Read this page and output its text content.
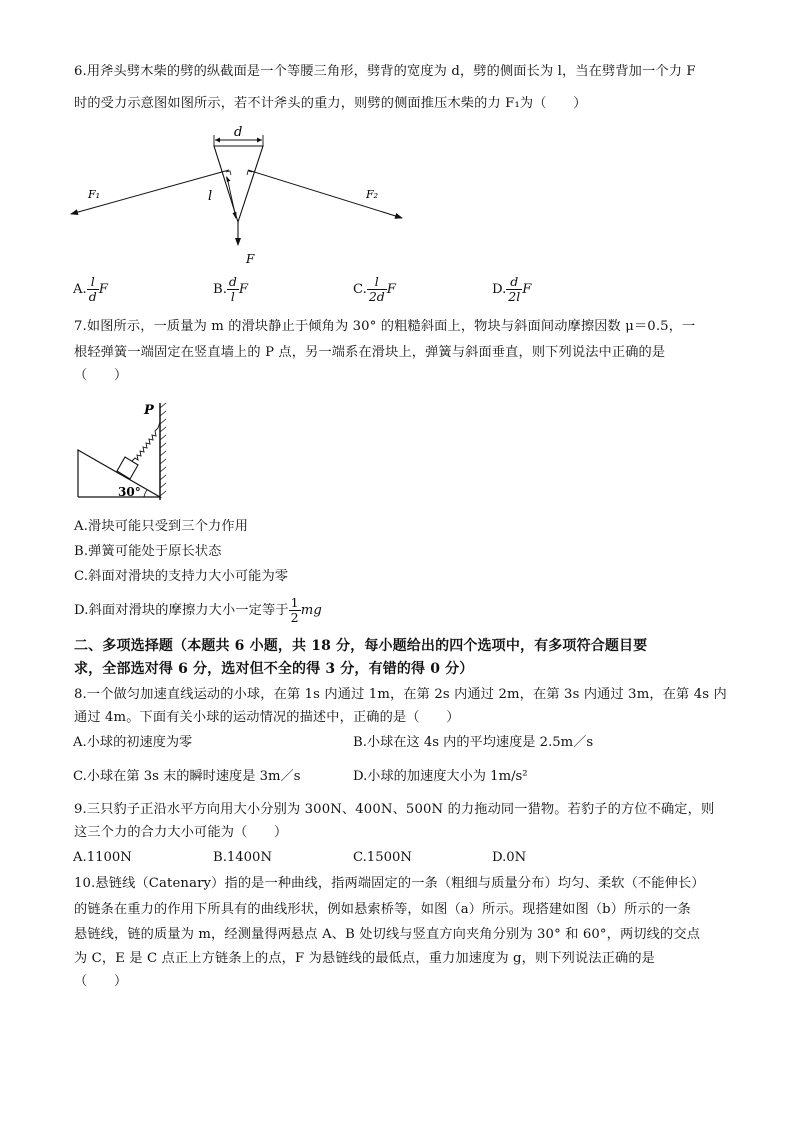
6.用斧头劈木柴的劈的纵截面是一个等腰三角形，劈背的宽度为 d，劈的侧面长为 l，当在劈背加一个力 F
时的受力示意图如图所示，若不计斧头的重力，则劈的侧面推压木柴的力 F₁为（　　）
d
l
F
F₁	F₂
A. $\frac{l}{d}$ F	B. $\frac{d}{l}$ F	C. $\frac{l}{2d}$ F	D. $\frac{d}{2l}$ F
7.如图所示，一质量为 m 的滑块静止于倾角为 30° 的粗糙斜面上，物块与斜面间动摩擦因数 μ＝0.5，一
根轻弹簧一端固定在竖直墙上的 P 点，另一端系在滑块上，弹簧与斜面垂直，则下列说法中正确的是
（　　）
P
30°
A.滑块可能只受到三个力作用
B.弹簧可能处于原长状态
C.斜面对滑块的支持力大小可能为零
D.斜面对滑块的摩擦力大小一定等于 $\frac{1}{2}$ mg
二、多项选择题（本题共 6 小题，共 18 分，每小题给出的四个选项中，有多项符合题目要
求，全部选对得 6 分，选对但不全的得 3 分，有错的得 0 分）
8.一个做匀加速直线运动的小球，在第 1s 内通过 1m，在第 2s 内通过 2m，在第 3s 内通过 3m，在第 4s 内
通过 4m。下面有关小球的运动情况的描述中，正确的是（　　）
A.小球的初速度为零	B.小球在这 4s 内的平均速度是 2.5m／s
C.小球在第 3s 末的瞬时速度是 3m／s	D.小球的加速度大小为 1m/s²
9.三只豹子正沿水平方向用大小分别为 300N、400N、500N 的力拖动同一猎物。若豹子的方位不确定，则
这三个力的合力大小可能为（　　）
A.1100N	B.1400N	C.1500N	D.0N
10.悬链线（Catenary）指的是一种曲线，指两端固定的一条（粗细与质量分布）均匀、柔软（不能伸长）
的链条在重力的作用下所具有的曲线形状，例如悬索桥等，如图（a）所示。现搭建如图（b）所示的一条
悬链线，链的质量为 m，经测量得两悬点 A、B 处切线与竖直方向夹角分别为 30° 和 60°，两切线的交点
为 C，E 是 C 点正上方链条上的点，F 为悬链线的最低点，重力加速度为 g，则下列说法正确的是
（　　）
